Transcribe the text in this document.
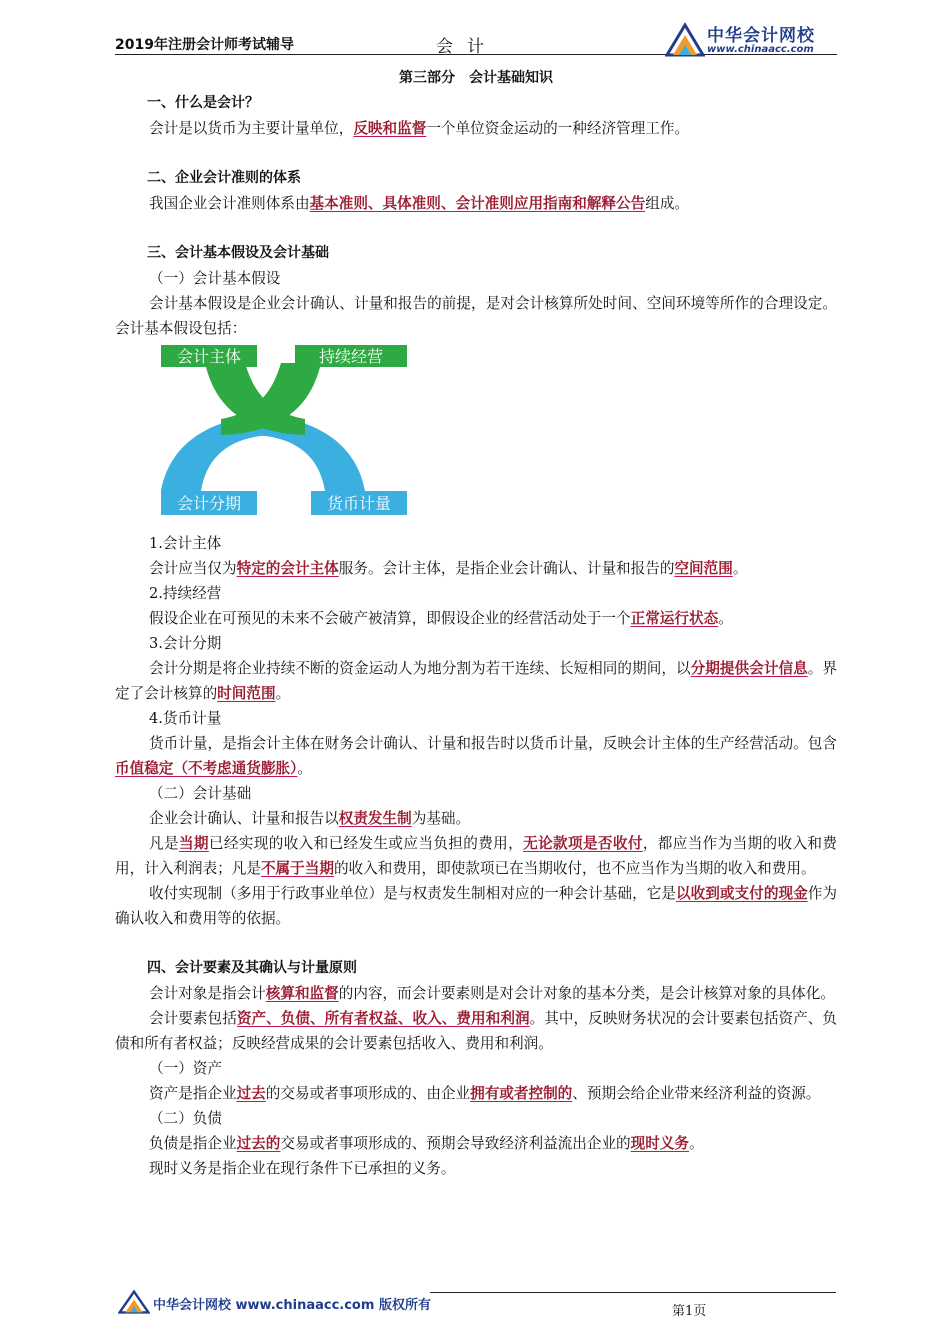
2019年注册会计师考试辅导	会计
中华会计网校
www.chinaacc.com
第三部分　会计基础知识
一、什么是会计？
会计是以货币为主要计量单位，反映和监督一个单位资金运动的一种经济管理工作。
二、企业会计准则的体系
我国企业会计准则体系由基本准则、具体准则、会计准则应用指南和解释公告组成。
三、会计基本假设及会计基础
（一）会计基本假设
会计基本假设是企业会计确认、计量和报告的前提，是对会计核算所处时间、空间环境等所作的合理设定。会计基本假设包括：
会计主体	持续经营
会计分期	货币计量
1.会计主体
会计应当仅为特定的会计主体服务。会计主体，是指企业会计确认、计量和报告的空间范围。
2.持续经营
假设企业在可预见的未来不会破产被清算，即假设企业的经营活动处于一个正常运行状态。
3.会计分期
会计分期是将企业持续不断的资金运动人为地分割为若干连续、长短相同的期间，以分期提供会计信息。界定了会计核算的时间范围。
4.货币计量
货币计量，是指会计主体在财务会计确认、计量和报告时以货币计量，反映会计主体的生产经营活动。包含币值稳定（不考虑通货膨胀）。
（二）会计基础
企业会计确认、计量和报告以权责发生制为基础。
凡是当期已经实现的收入和已经发生或应当负担的费用，无论款项是否收付，都应当作为当期的收入和费用，计入利润表；凡是不属于当期的收入和费用，即使款项已在当期收付，也不应当作为当期的收入和费用。
收付实现制（多用于行政事业单位）是与权责发生制相对应的一种会计基础，它是以收到或支付的现金作为确认收入和费用等的依据。
四、会计要素及其确认与计量原则
会计对象是指会计核算和监督的内容，而会计要素则是对会计对象的基本分类，是会计核算对象的具体化。
会计要素包括资产、负债、所有者权益、收入、费用和利润。其中，反映财务状况的会计要素包括资产、负债和所有者权益；反映经营成果的会计要素包括收入、费用和利润。
（一）资产
资产是指企业过去的交易或者事项形成的、由企业拥有或者控制的、预期会给企业带来经济利益的资源。
（二）负债
负债是指企业过去的交易或者事项形成的、预期会导致经济利益流出企业的现时义务。
现时义务是指企业在现行条件下已承担的义务。
中华会计网校 www.chinaacc.com 版权所有	第1页
